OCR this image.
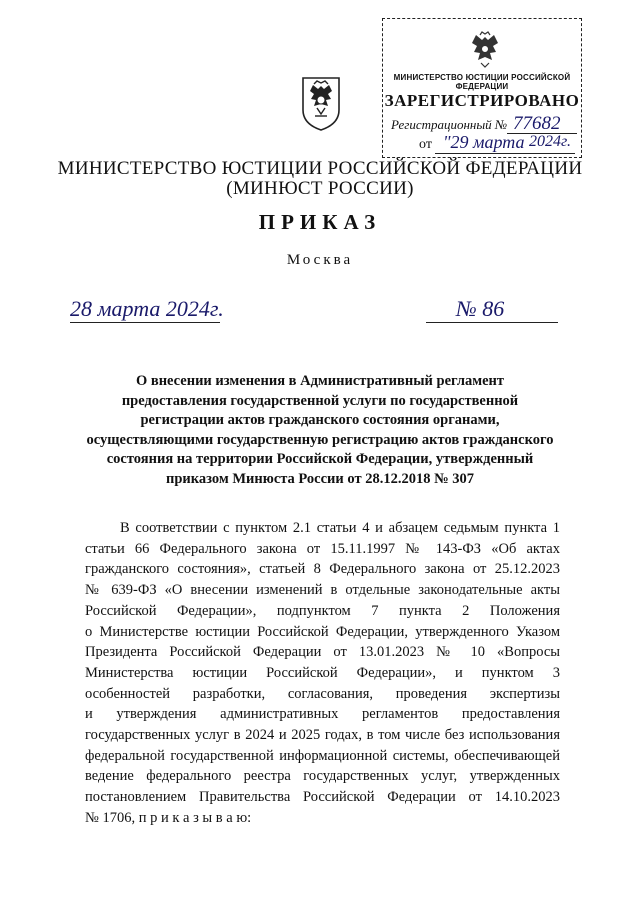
МИНИСТЕРСТВО ЮСТИЦИИ РОССИЙСКОЙ ФЕДЕРАЦИИ
ЗАРЕГИСТРИРОВАНО
Регистрационный № 77682
от "29 марта 2024г.
МИНИСТЕРСТВО ЮСТИЦИИ РОССИЙСКОЙ ФЕДЕРАЦИИ
(МИНЮСТ РОССИИ)
ПРИКАЗ
Москва
28 марта 2024г.	№ 86
О внесении изменения в Административный регламент
предоставления государственной услуги по государственной
регистрации актов гражданского состояния органами,
осуществляющими государственную регистрацию актов гражданского
состояния на территории Российской Федерации, утвержденный
приказом Минюста России от 28.12.2018 № 307
В соответствии с пунктом 2.1 статьи 4 и абзацем седьмым пункта 1
статьи 66 Федерального закона от 15.11.1997 № 143-ФЗ «Об актах
гражданского состояния», статьей 8 Федерального закона от 25.12.2023
№ 639-ФЗ «О внесении изменений в отдельные законодательные акты
Российской Федерации», подпунктом 7 пункта 2 Положения
о Министерстве юстиции Российской Федерации, утвержденного Указом
Президента Российской Федерации от 13.01.2023 № 10 «Вопросы
Министерства юстиции Российской Федерации», и пунктом 3
особенностей разработки, согласования, проведения экспертизы
и утверждения административных регламентов предоставления
государственных услуг в 2024 и 2025 годах, в том числе без использования
федеральной государственной информационной системы, обеспечивающей
ведение федерального реестра государственных услуг, утвержденных
постановлением Правительства Российской Федерации от 14.10.2023
№ 1706, п р и к а з ы в а ю:
